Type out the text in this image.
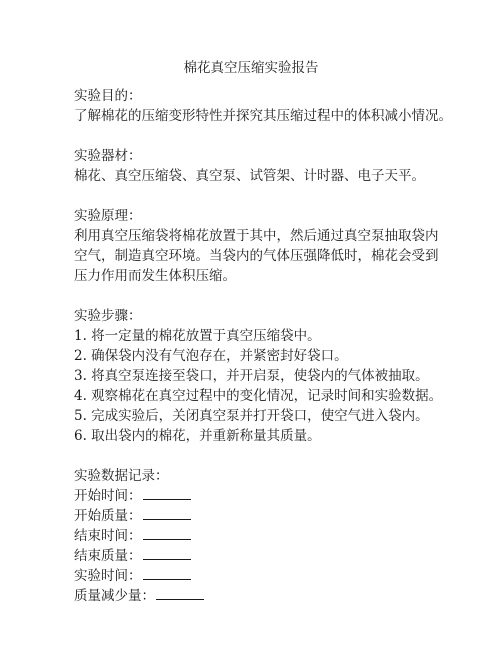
棉花真空压缩实验报告

实验目的：

了解棉花的压缩变形特性并探究其压缩过程中的体积减小情况。

实验器材：

棉花、真空压缩袋、真空泵、试管架、计时器、电子天平。

实验原理：

利用真空压缩袋将棉花放置于其中，然后通过真空泵抽取袋内

空气，制造真空环境。当袋内的气体压强降低时，棉花会受到

压力作用而发生体积压缩。

实验步骤：

1. 将一定量的棉花放置于真空压缩袋中。

2. 确保袋内没有气泡存在，并紧密封好袋口。

3. 将真空泵连接至袋口，并开启泵，使袋内的气体被抽取。

4. 观察棉花在真空过程中的变化情况，记录时间和实验数据。

5. 完成实验后，关闭真空泵并打开袋口，使空气进入袋内。

6. 取出袋内的棉花，并重新称量其质量。

实验数据记录：

开始时间：

开始质量：

结束时间：

结束质量：

实验时间：

质量减少量：
